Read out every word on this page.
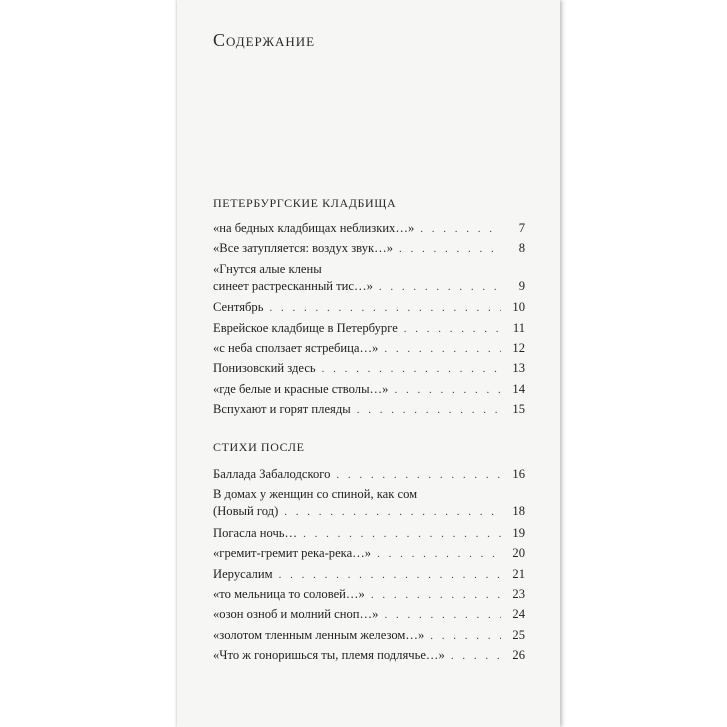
Содержание
ПЕТЕРБУРГСКИЕ КЛАДБИЩА
«на бедных кладбищах неблизких…» . . .	7
«Все затупляется: воздух звук…» . . .	8
«Гнутся алые клены
синеет растресканный тис…» . . .	9
Сентябрь . . .	10
Еврейское кладбище в Петербурге . . .	11
«с неба сползает ястребица…» . . .	12
Понизовский здесь . . .	13
«где белые и красные стволы…» . . .	14
Вспухают и горят плеяды . . .	15
СТИХИ ПОСЛЕ
Баллада Забалодского . . .	16
В домах у женщин со спиной, как сом
(Новый год) . . .	18
Погасла ночь… . . .	19
«гремит-гремит река-река…» . . .	20
Иерусалим . . .	21
«то мельница то соловей…» . . .	23
«озон озноб и молний сноп…» . . .	24
«золотом тленным ленным железом…» . . .	25
«Что ж гоноришься ты, племя подлячье…» . . .	26
